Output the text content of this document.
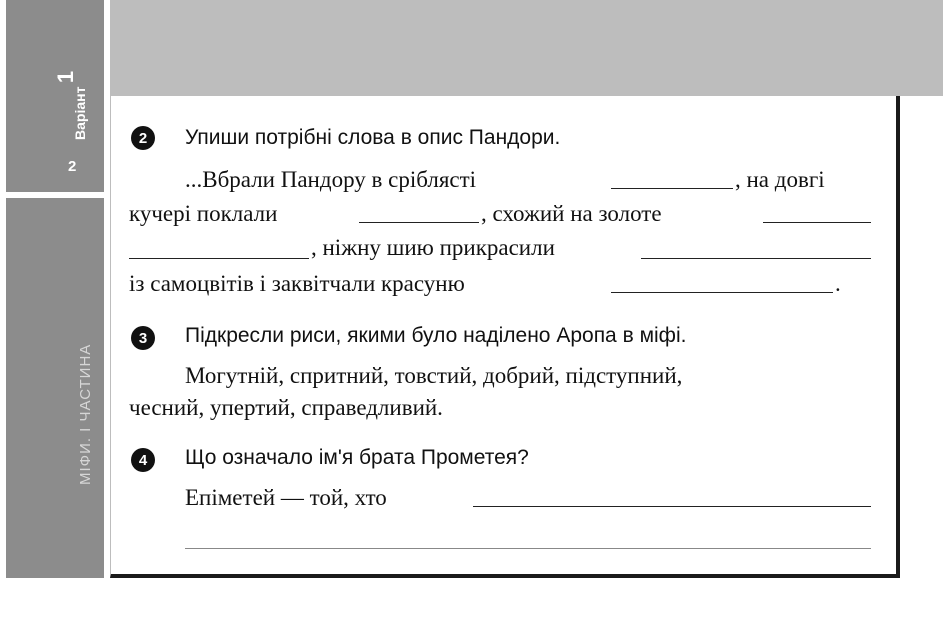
Варіант
1
2
МІФИ. І ЧАСТИНА
2	Упиши потрібні слова в опис Пандори.
...Вбрали Пандору в сріблясті	, на довгі
кучері поклали	, схожий на золоте
, ніжну шию прикрасили
із самоцвітів і заквітчали красуню	.
3	Підкресли риси, якими було наділено Аропа в міфі.
Могутній, спритний, товстий, добрий, підступний,
чесний, упертий, справедливий.
4	Що означало ім'я брата Прометея?
Епіметей — той, хто
